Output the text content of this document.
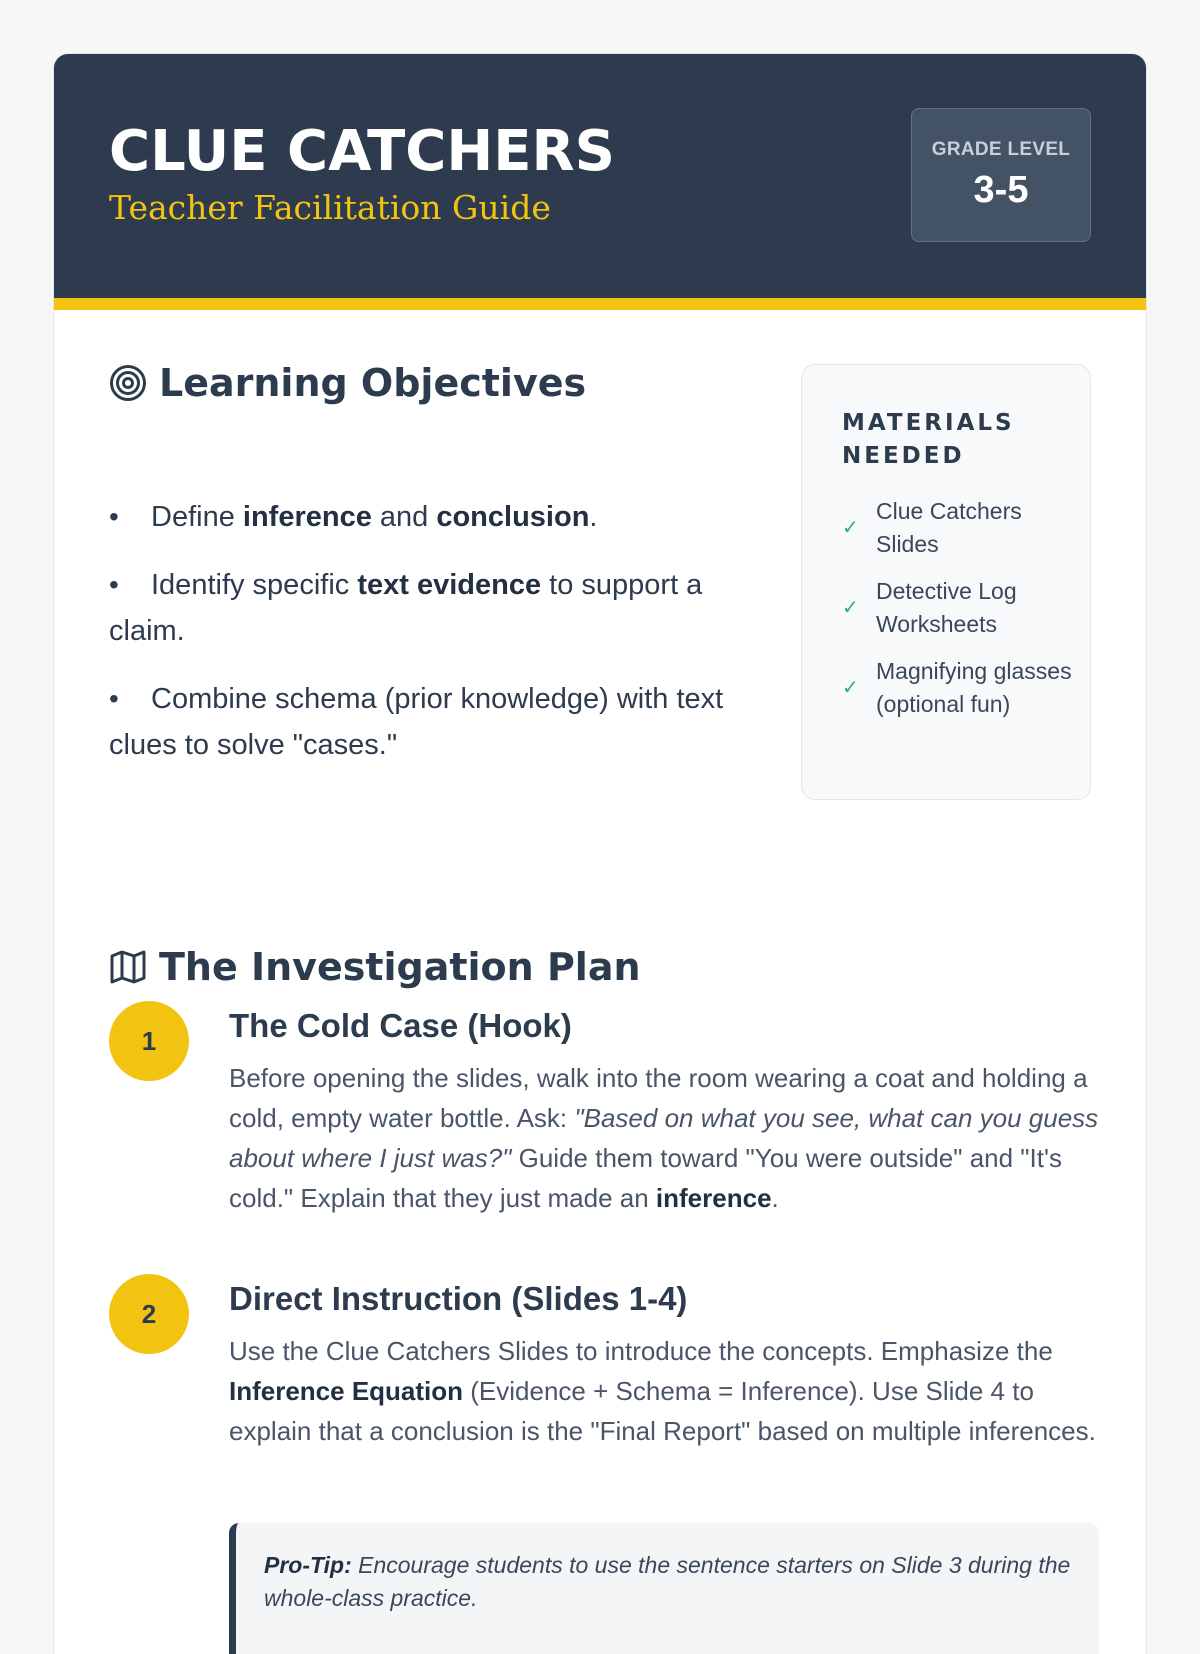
CLUE CATCHERS

Teacher Facilitation Guide

GRADE LEVEL
3-5
Learning Objectives
• Define inference and conclusion.
• Identify specific text evidence to support a claim.
• Combine schema (prior knowledge) with text clues to solve "cases."
MATERIALS NEEDED
✓
Clue Catchers Slides
✓
Detective Log Worksheets
✓
Magnifying glasses (optional fun)
The Investigation Plan
1	The Cold Case (Hook)

Before opening the slides, walk into the room wearing a coat and holding a cold, empty water bottle. Ask: "Based on what you see, what can you guess about where I just was?" Guide them toward "You were outside" and "It's cold." Explain that they just made an inference.

2	Direct Instruction (Slides 1-4)

Use the Clue Catchers Slides to introduce the concepts. Emphasize the Inference Equation (Evidence + Schema = Inference). Use Slide 4 to explain that a conclusion is the "Final Report" based on multiple inferences.

Pro-Tip: Encourage students to use the sentence starters on Slide 3 during the whole-class practice.
